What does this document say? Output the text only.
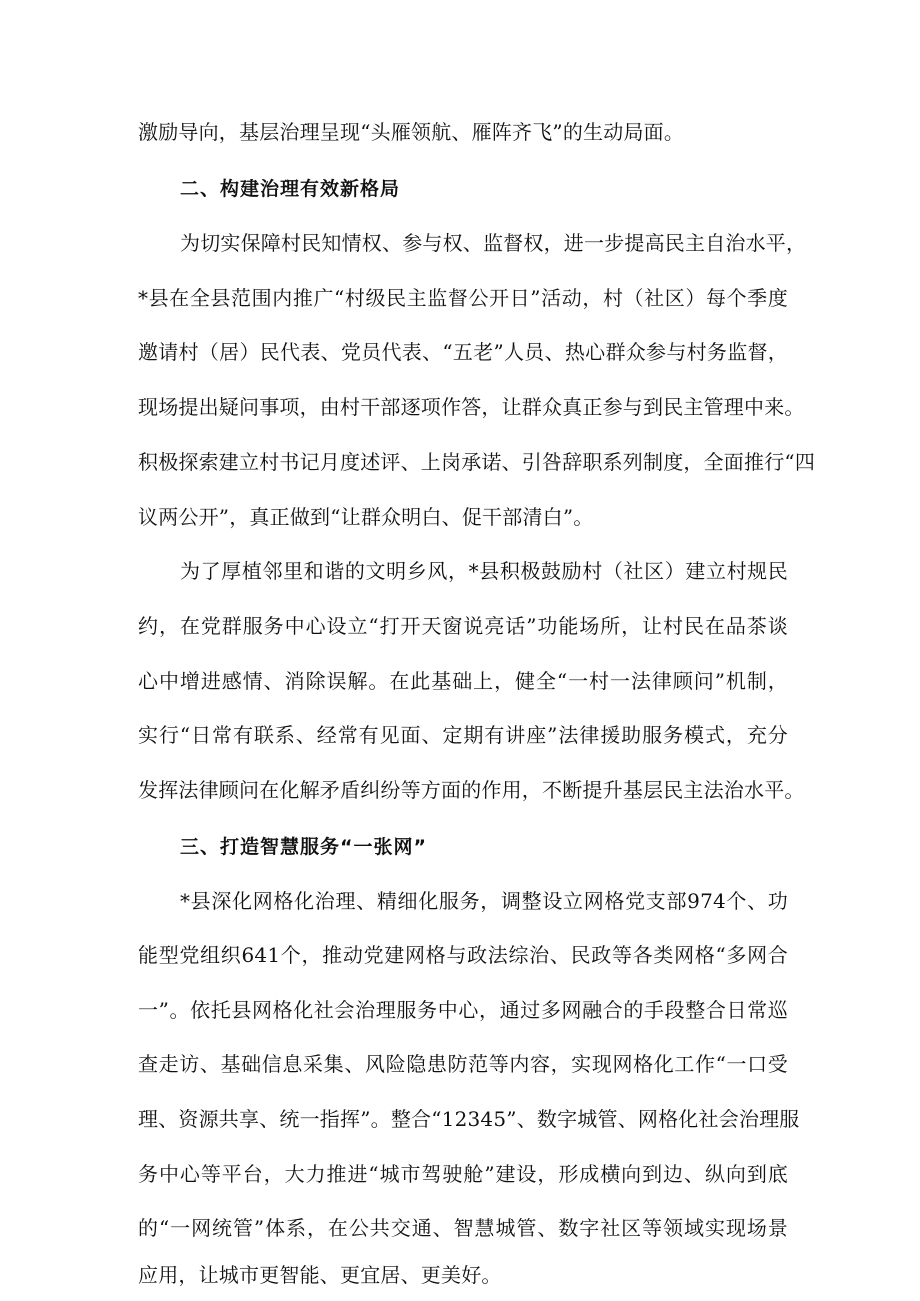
激励导向，基层治理呈现“头雁领航、雁阵齐飞”的生动局面。

二、构建治理有效新格局

为切实保障村民知情权、参与权、监督权，进一步提高民主自治水平，

*县在全县范围内推广“村级民主监督公开日”活动，村（社区）每个季度

邀请村（居）民代表、党员代表、“五老”人员、热心群众参与村务监督，

现场提出疑问事项，由村干部逐项作答，让群众真正参与到民主管理中来。

积极探索建立村书记月度述评、上岗承诺、引咎辞职系列制度，全面推行“四

议两公开”，真正做到“让群众明白、促干部清白”。

为了厚植邻里和谐的文明乡风，*县积极鼓励村（社区）建立村规民

约，在党群服务中心设立“打开天窗说亮话”功能场所，让村民在品茶谈

心中增进感情、消除误解。在此基础上，健全“一村一法律顾问”机制，

实行“日常有联系、经常有见面、定期有讲座”法律援助服务模式，充分

发挥法律顾问在化解矛盾纠纷等方面的作用，不断提升基层民主法治水平。

三、打造智慧服务“一张网”

*县深化网格化治理、精细化服务，调整设立网格党支部974个、功

能型党组织641个，推动党建网格与政法综治、民政等各类网格“多网合

一”。依托县网格化社会治理服务中心，通过多网融合的手段整合日常巡

查走访、基础信息采集、风险隐患防范等内容，实现网格化工作“一口受

理、资源共享、统一指挥”。整合“12345”、数字城管、网格化社会治理服

务中心等平台，大力推进“城市驾驶舱”建设，形成横向到边、纵向到底

的“一网统管”体系，在公共交通、智慧城管、数字社区等领域实现场景

应用，让城市更智能、更宜居、更美好。
